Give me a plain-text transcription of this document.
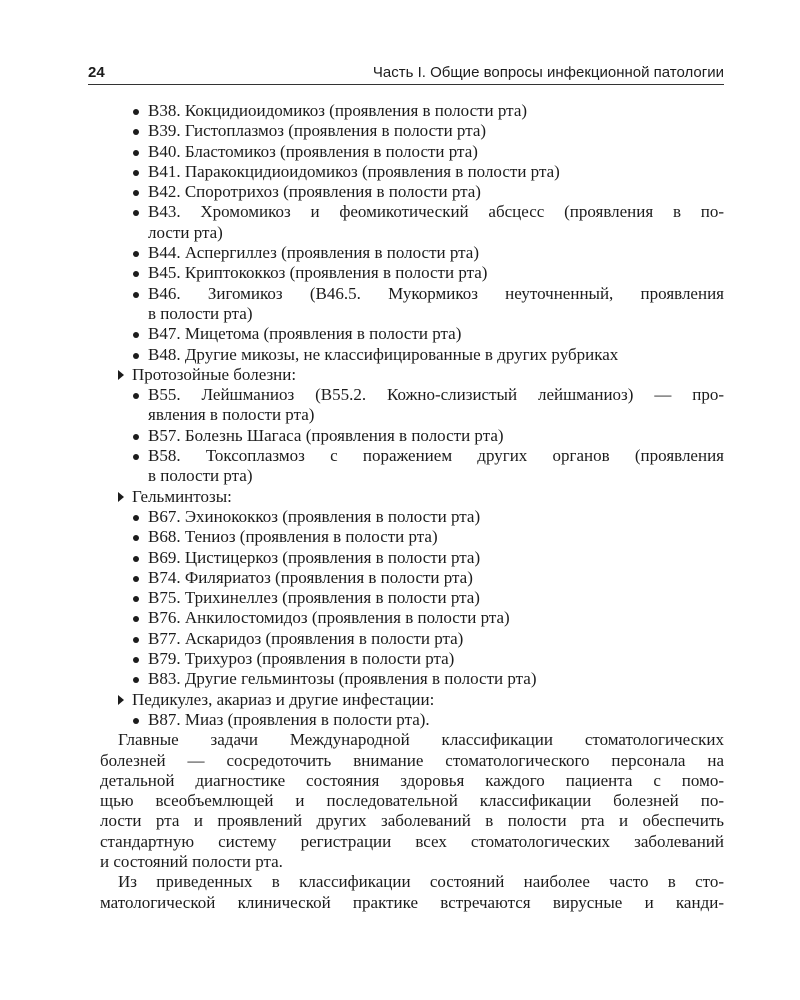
24	Часть I. Общие вопросы инфекционной патологии
B38. Кокцидиоидомикоз (проявления в полости рта)
B39. Гистоплазмоз (проявления в полости рта)
B40. Бластомикоз (проявления в полости рта)
B41. Паракокцидиоидомикоз (проявления в полости рта)
B42. Споротрихоз (проявления в полости рта)
B43. Хромомикоз и феомикотический абсцесс (проявления в по-
лости рта)
B44. Аспергиллез (проявления в полости рта)
B45. Криптококкоз (проявления в полости рта)
B46. Зигомикоз (B46.5. Мукормикоз неуточненный, проявления
в полости рта)
B47. Мицетома (проявления в полости рта)
B48. Другие микозы, не классифицированные в других рубриках
Протозойные болезни:
B55. Лейшманиоз (B55.2. Кожно-слизистый лейшманиоз) — про-
явления в полости рта)
B57. Болезнь Шагаса (проявления в полости рта)
B58. Токсоплазмоз с поражением других органов (проявления
в полости рта)
Гельминтозы:
B67. Эхинококкоз (проявления в полости рта)
B68. Тениоз (проявления в полости рта)
B69. Цистицеркоз (проявления в полости рта)
B74. Филяриатоз (проявления в полости рта)
B75. Трихинеллез (проявления в полости рта)
B76. Анкилостомидоз (проявления в полости рта)
B77. Аскаридоз (проявления в полости рта)
B79. Трихуроз (проявления в полости рта)
B83. Другие гельминтозы (проявления в полости рта)
Педикулез, акариаз и другие инфестации:
B87. Миаз (проявления в полости рта).
Главные задачи Международной классификации стоматологических
болезней — сосредоточить внимание стоматологического персонала на
детальной диагностике состояния здоровья каждого пациента с помо-
щью всеобъемлющей и последовательной классификации болезней по-
лости рта и проявлений других заболеваний в полости рта и обеспечить
стандартную систему регистрации всех стоматологических заболеваний
и состояний полости рта.
Из приведенных в классификации состояний наиболее часто в сто-
матологической клинической практике встречаются вирусные и канди-
